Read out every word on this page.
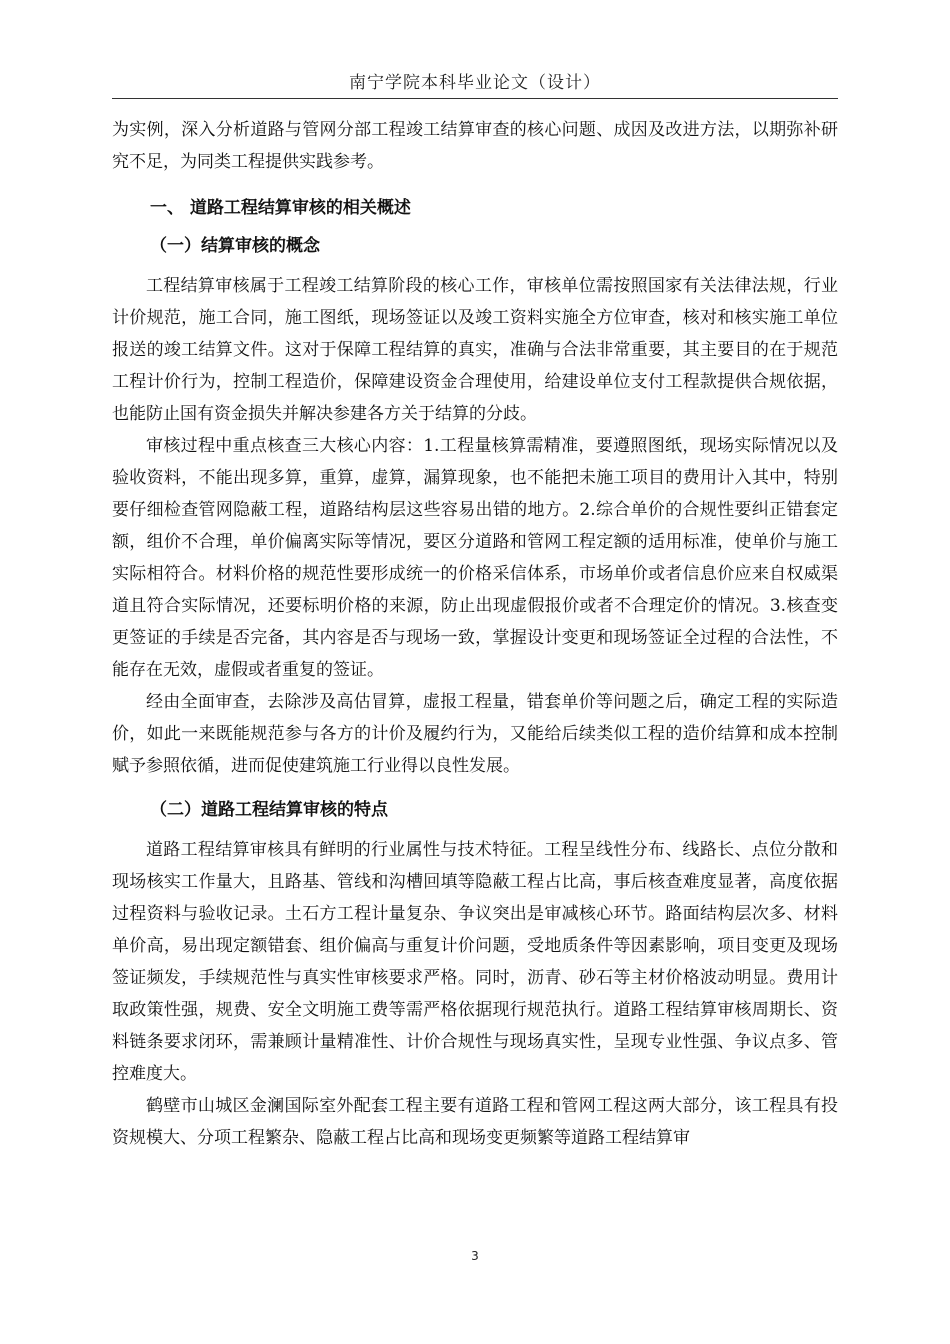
南宁学院本科毕业论文（设计）

为实例，深入分析道路与管网分部工程竣工结算审查的核心问题、成因及改进方法，以期弥补研究不足，为同类工程提供实践参考。

一、 道路工程结算审核的相关概述
（一）结算审核的概念

工程结算审核属于工程竣工结算阶段的核心工作，审核单位需按照国家有关法律法规，行业计价规范，施工合同，施工图纸，现场签证以及竣工资料实施全方位审查，核对和核实施工单位报送的竣工结算文件。这对于保障工程结算的真实，准确与合法非常重要，其主要目的在于规范工程计价行为，控制工程造价，保障建设资金合理使用，给建设单位支付工程款提供合规依据，也能防止国有资金损失并解决参建各方关于结算的分歧。

审核过程中重点核查三大核心内容：1.工程量核算需精准，要遵照图纸，现场实际情况以及验收资料，不能出现多算，重算，虚算，漏算现象，也不能把未施工项目的费用计入其中，特别要仔细检查管网隐蔽工程，道路结构层这些容易出错的地方。2.综合单价的合规性要纠正错套定额，组价不合理，单价偏离实际等情况，要区分道路和管网工程定额的适用标准，使单价与施工实际相符合。材料价格的规范性要形成统一的价格采信体系，市场单价或者信息价应来自权威渠道且符合实际情况，还要标明价格的来源，防止出现虚假报价或者不合理定价的情况。3.核查变更签证的手续是否完备，其内容是否与现场一致，掌握设计变更和现场签证全过程的合法性，不能存在无效，虚假或者重复的签证。

经由全面审查，去除涉及高估冒算，虚报工程量，错套单价等问题之后，确定工程的实际造价，如此一来既能规范参与各方的计价及履约行为，又能给后续类似工程的造价结算和成本控制赋予参照依循，进而促使建筑施工行业得以良性发展。

（二）道路工程结算审核的特点

道路工程结算审核具有鲜明的行业属性与技术特征。工程呈线性分布、线路长、点位分散和现场核实工作量大，且路基、管线和沟槽回填等隐蔽工程占比高，事后核查难度显著，高度依据过程资料与验收记录。土石方工程计量复杂、争议突出是审减核心环节。路面结构层次多、材料单价高，易出现定额错套、组价偏高与重复计价问题，受地质条件等因素影响，项目变更及现场签证频发，手续规范性与真实性审核要求严格。同时，沥青、砂石等主材价格波动明显。费用计取政策性强，规费、安全文明施工费等需严格依据现行规范执行。道路工程结算审核周期长、资料链条要求闭环，需兼顾计量精准性、计价合规性与现场真实性，呈现专业性强、争议点多、管控难度大。

鹤壁市山城区金澜国际室外配套工程主要有道路工程和管网工程这两大部分，该工程具有投资规模大、分项工程繁杂、隐蔽工程占比高和现场变更频繁等道路工程结算审

3
